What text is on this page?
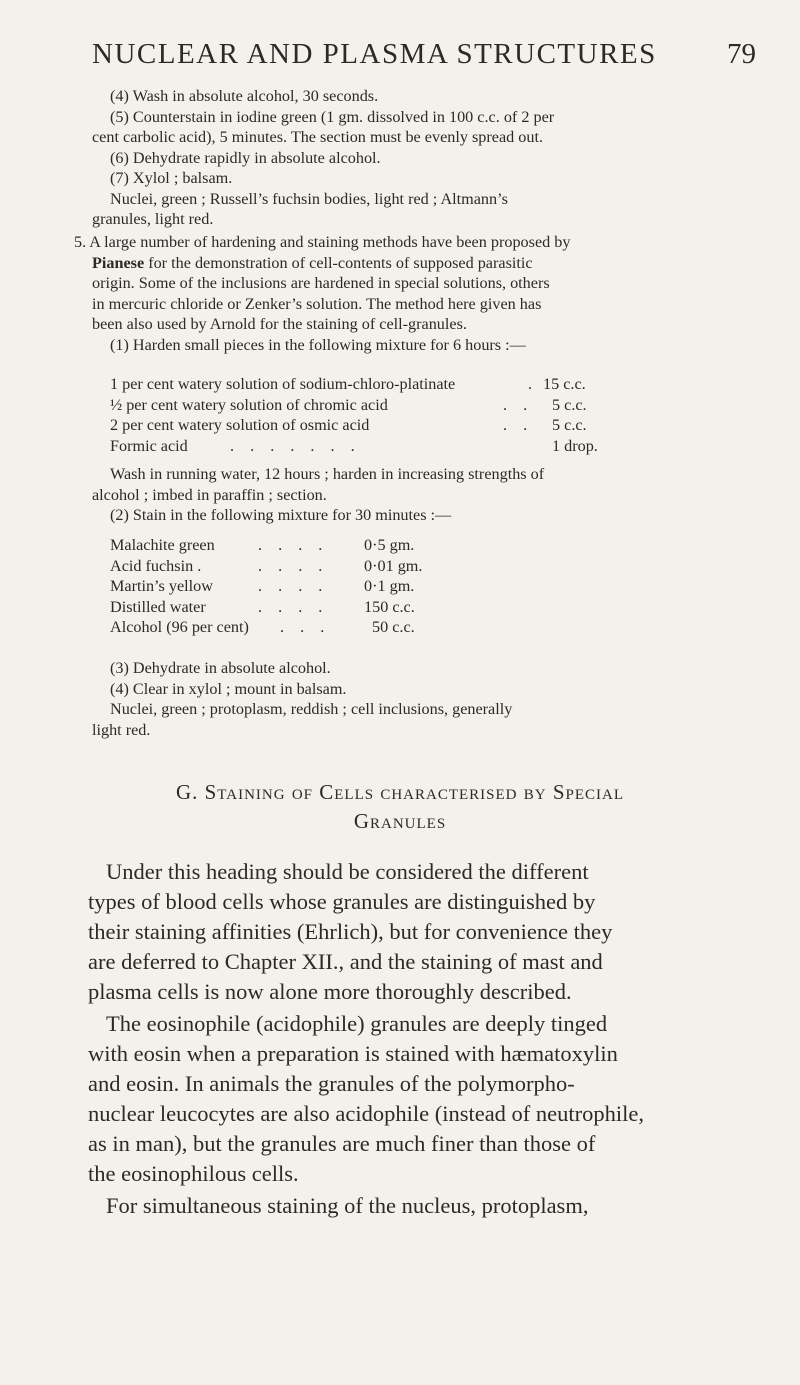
NUCLEAR AND PLASMA STRUCTURES 79
(4) Wash in absolute alcohol, 30 seconds.
(5) Counterstain in iodine green (1 gm. dissolved in 100 c.c. of 2 per
cent carbolic acid), 5 minutes. The section must be evenly spread out.
(6) Dehydrate rapidly in absolute alcohol.
(7) Xylol ; balsam.
Nuclei, green ; Russell’s fuchsin bodies, light red ; Altmann’s
granules, light red.
5. A large number of hardening and staining methods have been proposed by
Pianese for the demonstration of cell-contents of supposed parasitic
origin. Some of the inclusions are hardened in special solutions, others
in mercuric chloride or Zenker’s solution. The method here given has
been also used by Arnold for the staining of cell-granules.
(1) Harden small pieces in the following mixture for 6 hours :—
1 per cent watery solution of sodium-chloro-platinate	. 15 c.c.
½ per cent watery solution of chromic acid	. . 5 c.c.
2 per cent watery solution of osmic acid	. . 5 c.c.
Formic acid	. . . . . . .	1 drop.
Wash in running water, 12 hours ; harden in increasing strengths of
alcohol ; imbed in paraffin ; section.
(2) Stain in the following mixture for 30 minutes :—
Malachite green	. . . . 0·5 gm.
Acid fuchsin .	. . . . 0·01 gm.
Martin’s yellow	. . . . 0·1 gm.
Distilled water	. . . . 150 c.c.
Alcohol (96 per cent) . . .	50 c.c.
(3) Dehydrate in absolute alcohol.
(4) Clear in xylol ; mount in balsam.
Nuclei, green ; protoplasm, reddish ; cell inclusions, generally
light red.
G. Staining of Cells characterised by Special
Granules
Under this heading should be considered the different
types of blood cells whose granules are distinguished by
their staining affinities (Ehrlich), but for convenience they
are deferred to Chapter XII., and the staining of mast and
plasma cells is now alone more thoroughly described.
The eosinophile (acidophile) granules are deeply tinged
with eosin when a preparation is stained with hæmatoxylin
and eosin. In animals the granules of the polymorpho-
nuclear leucocytes are also acidophile (instead of neutrophile,
as in man), but the granules are much finer than those of
the eosinophilous cells.
For simultaneous staining of the nucleus, protoplasm,
